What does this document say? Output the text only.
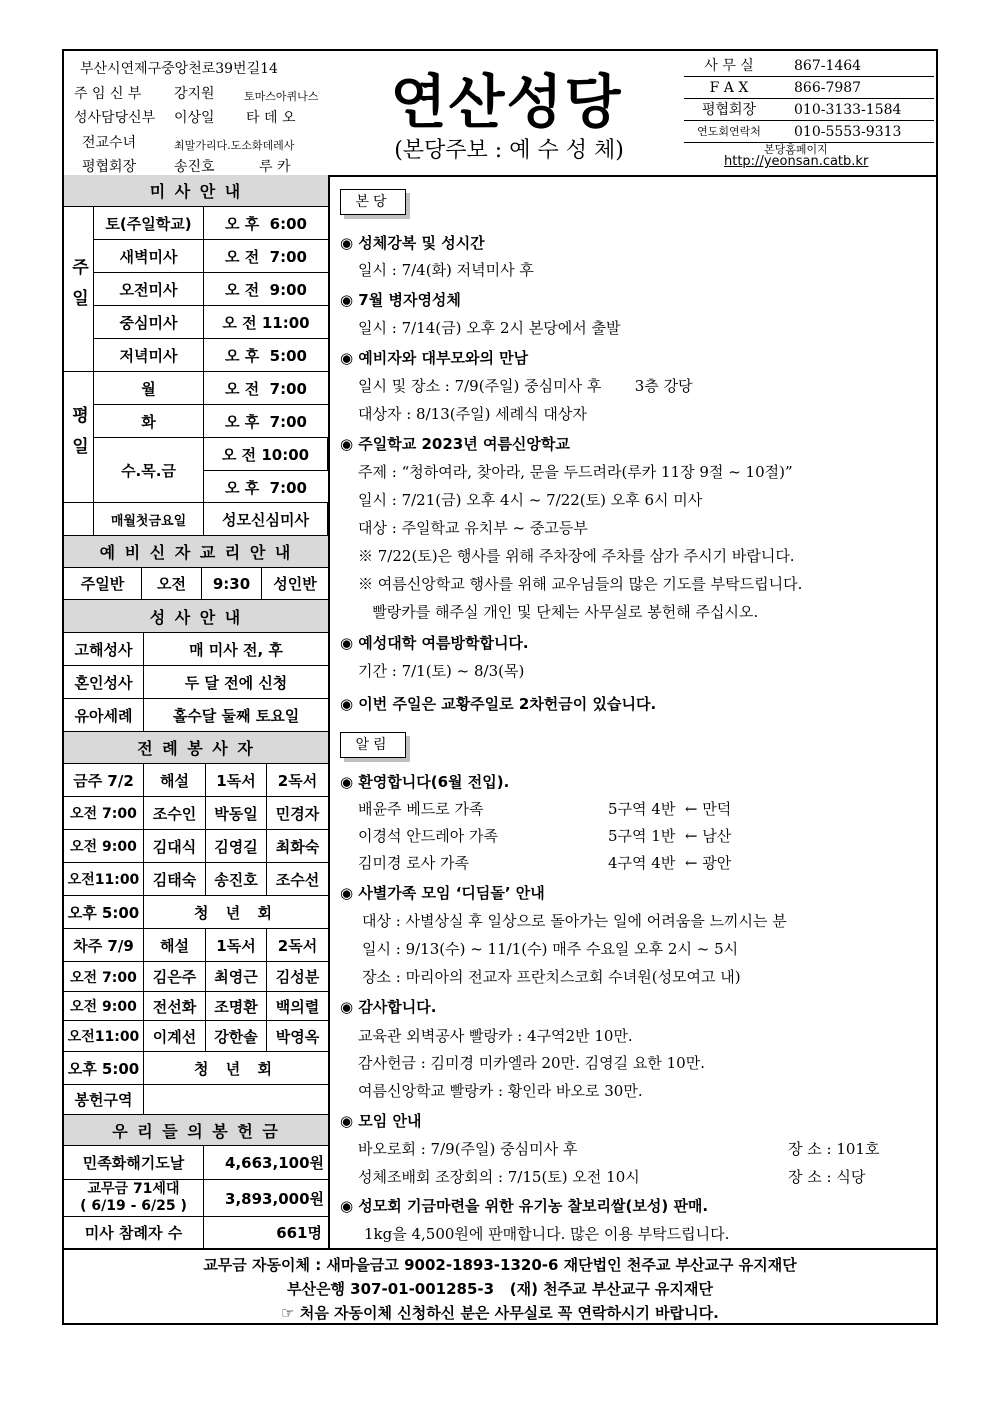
부산시연제구중앙천로39번길14
주 임 신 부 강지원	토마스아퀴나스
성사담당신부 이상일 타 데 오
전교수녀	최말가리다.도소화데레사
평협회장	송진호	루 카
연산성당
(본당주보 : 예 수 성 체)
사 무 실	867-1464
F A X	866-7987
평협회장	010-3133-1584
연도회연락처	010-5553-9313
본당홈페이지
http://yeonsan.catb.kr
미 사 안 내
주일
토(주일학교)	오 후  6:00
새벽미사	오 전  7:00
오전미사	오 전  9:00
중심미사	오 전 11:00
저녁미사	오 후  5:00
평일
월	오 전  7:00
화	오 후  7:00
수.목.금
오 전 10:00
오 후  7:00
매월첫금요일	성모신심미사
예 비 신 자 교 리 안 내
주일반	오전	9:30	성인반
성 사 안 내
고해성사	매 미사 전, 후
혼인성사	두 달 전에 신청
유아세례	홀수달 둘째 토요일
전 례 봉 사 자
금주 7/2	해설	1독서	2독서
오전 7:00	조수인	박동일	민경자
오전 9:00	김대식	김영길	최화숙
오전11:00 김태숙	송진호	조수선
오후 5:00	청 년 회
차주 7/9	해설	1독서	2독서
오전 7:00	김은주	최영근	김성분
오전 9:00	전선화	조명환	백의렬
오전11:00 이계선	강한솔	박영옥
오후 5:00	청 년 회
봉헌구역
우 리 들 의 봉 헌 금
민족화해기도날	4,663,100원
교무금 71세대
( 6/19 - 6/25 )	3,893,000원
미사 참례자 수	661명
본당
◉ 성체강복 및 성시간
일시 : 7/4(화) 저녁미사 후
◉ 7월 병자영성체
일시 : 7/14(금) 오후 2시 본당에서 출발
◉ 예비자와 대부모와의 만남
일시 및 장소 : 7/9(주일) 중심미사 후       3층 강당
대상자 : 8/13(주일) 세례식 대상자
◉ 주일학교 2023년 여름신앙학교
주제 : “청하여라, 찾아라, 문을 두드려라(루카 11장 9절 ~ 10절)”
일시 : 7/21(금) 오후 4시 ~ 7/22(토) 오후 6시 미사
대상 : 주일학교 유치부 ~ 중고등부
※ 7/22(토)은 행사를 위해 주차장에 주차를 삼가 주시기 바랍니다.
※ 여름신앙학교 행사를 위해 교우님들의 많은 기도를 부탁드립니다.
빨랑카를 해주실 개인 및 단체는 사무실로 봉헌해 주십시오.
◉ 예성대학 여름방학합니다.
기간 : 7/1(토) ~ 8/3(목)
◉ 이번 주일은 교황주일로 2차헌금이 있습니다.
알림
◉ 환영합니다(6월 전입).
배윤주 베드로 가족	5구역 4반  ← 만덕
이경석 안드레아 가족	5구역 1반  ← 남산
김미경 로사 가족	4구역 4반  ← 광안
◉ 사별가족 모임 ‘디딤돌’ 안내
대상 : 사별상실 후 일상으로 돌아가는 일에 어려움을 느끼시는 분
일시 : 9/13(수) ~ 11/1(수) 매주 수요일 오후 2시 ~ 5시
장소 : 마리아의 전교자 프란치스코회 수녀원(성모여고 내)
◉ 감사합니다.
교육관 외벽공사 빨랑카 : 4구역2반 10만.
감사헌금 : 김미경 미카엘라 20만. 김영길 요한 10만.
여름신앙학교 빨랑카 : 황인라 바오로 30만.
◉ 모임 안내
바오로회 : 7/9(주일) 중심미사 후	장 소 : 101호
성체조배회 조장회의 : 7/15(토) 오전 10시	장 소 : 식당
◉ 성모회 기금마련을 위한 유기농 찰보리쌀(보성) 판매.
1kg을 4,500원에 판매합니다. 많은 이용 부탁드립니다.
교무금 자동이체 : 새마을금고 9002-1893-1320-6 재단법인 천주교 부산교구 유지재단
부산은행 307-01-001285-3   (재) 천주교 부산교구 유지재단
☞ 처음 자동이체 신청하신 분은 사무실로 꼭 연락하시기 바랍니다.
